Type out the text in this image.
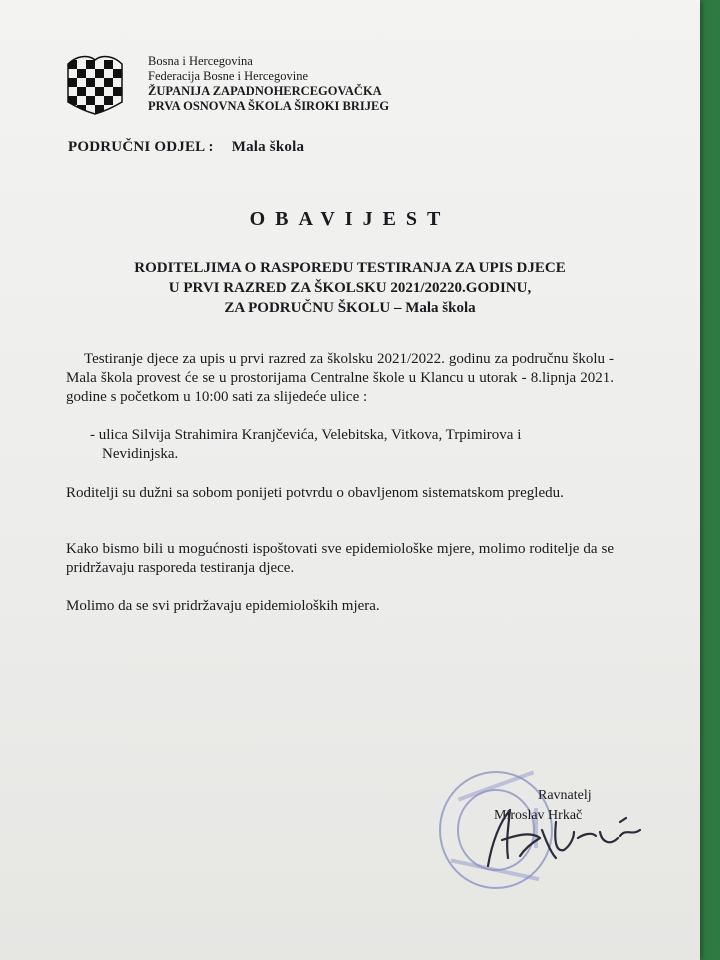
Bosna i Hercegovina
Federacija Bosne i Hercegovine
ŽUPANIJA ZAPADNOHERCEGOVAČKA
PRVA OSNOVNA ŠKOLA ŠIROKI BRIJEG
PODRUČNI ODJEL : Mala škola
OBAVIJEST
RODITELJIMA O RASPOREDU TESTIRANJA ZA UPIS DJECE
U PRVI RAZRED ZA ŠKOLSKU 2021/20220.GODINU,
ZA PODRUČNU ŠKOLU – Mala škola
Testiranje djece za upis u prvi razred za školsku 2021/2022. godinu za područnu školu -Mala škola provest će se u prostorijama Centralne škole u Klancu u utorak - 8.lipnja 2021. godine s početkom u 10:00 sati za slijedeće ulice :
- ulica Silvija Strahimira Kranjčevića, Velebitska, Vitkova, Trpimirova i
Nevidinjska.
Roditelji su dužni sa sobom ponijeti potvrdu o obavljenom sistematskom pregledu.
Kako bismo bili u mogućnosti ispoštovati sve epidemiološke mjere, molimo roditelje da se pridržavaju rasporeda testiranja djece.
Molimo da se svi pridržavaju epidemioloških mjera.
Ravnatelj
Miroslav Hrkač
